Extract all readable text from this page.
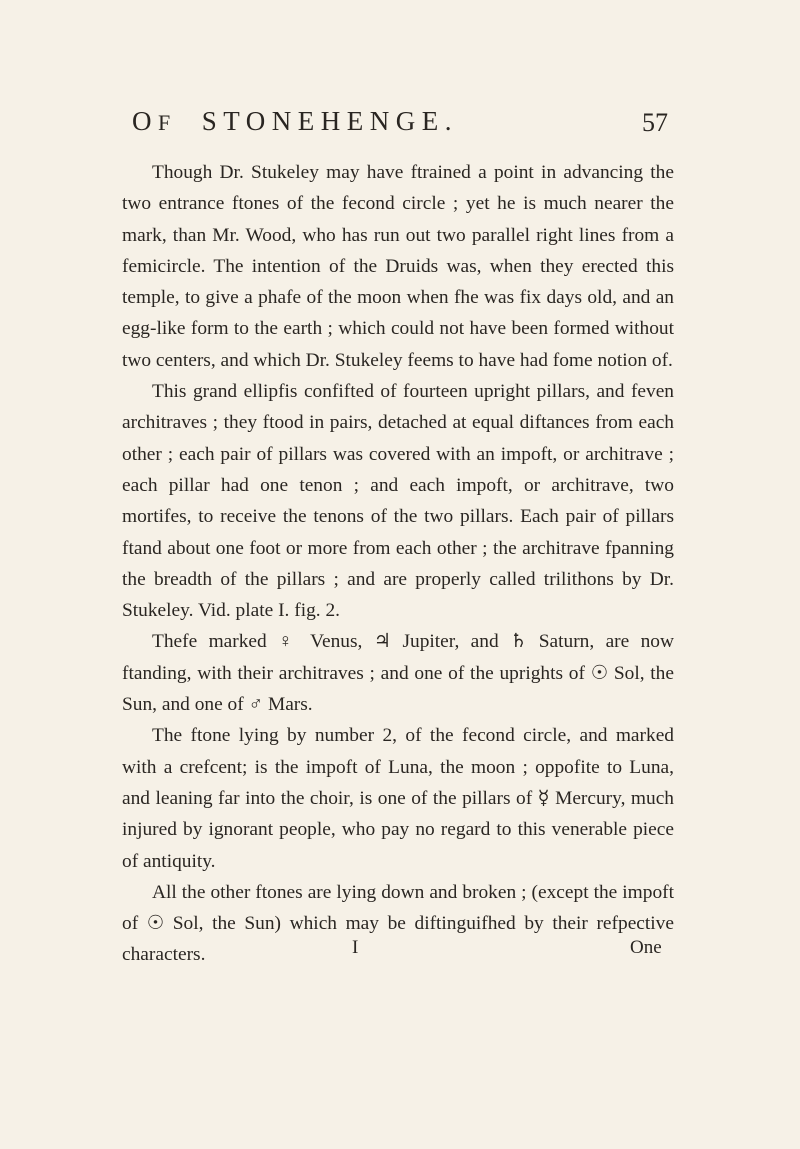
OF STONEHENGE.	57

Though Dr. Stukeley may have ftrained a point in advancing the two entrance ftones of the fecond circle ; yet he is much nearer the mark, than Mr. Wood, who has run out two parallel right lines from a femicircle. The intention of the Druids was, when they erected this temple, to give a phafe of the moon when fhe was fix days old, and an egg-like form to the earth ; which could not have been formed without two centers, and which Dr. Stukeley feems to have had fome notion of.

This grand ellipfis confifted of fourteen upright pillars, and feven architraves ; they ftood in pairs, detached at equal diftances from each other ; each pair of pillars was covered with an impoft, or architrave ; each pillar had one tenon ; and each impoft, or architrave, two mortifes, to receive the tenons of the two pillars. Each pair of pillars ftand about one foot or more from each other ; the architrave fpanning the breadth of the pillars ; and are properly called trilithons by Dr. Stukeley. Vid. plate I. fig. 2.

Thefe marked ♀ Venus, ♃ Jupiter, and ♄ Saturn, are now ftanding, with their architraves ; and one of the uprights of ☉ Sol, the Sun, and one of ♂ Mars.

The ftone lying by number 2, of the fecond circle, and marked with a crefcent; is the impoft of Luna, the moon ; oppofite to Luna, and leaning far into the choir, is one of the pillars of ☿ Mercury, much injured by ignorant people, who pay no regard to this venerable piece of antiquity.

All the other ftones are lying down and broken ; (except the impoft of ☉ Sol, the Sun) which may be diftinguifhed by their refpective characters.	I	One
